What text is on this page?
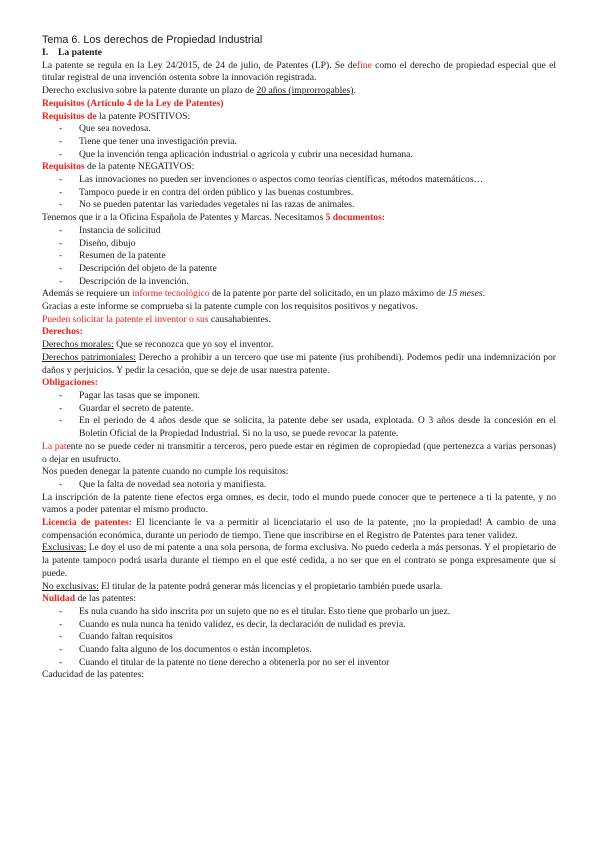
Tema 6. Los derechos de Propiedad Industrial

I. La patente

La patente se regula en la Ley 24/2015, de 24 de julio, de Patentes (LP). Se define como el derecho de propiedad especial que el titular registral de una invención ostenta sobre la innovación registrada.

Derecho exclusivo sobre la patente durante un plazo de 20 años (improrrogables).

Requisitos (Artículo 4 de la Ley de Patentes)

Requisitos de la patente POSITIVOS:

- Que sea novedosa.
- Tiene que tener una investigación previa.
- Que la invención tenga aplicación industrial o agrícola y cubrir una necesidad humana.

Requisitos de la patente NEGATIVOS:

- Las innovaciones no pueden ser invenciones o aspectos como teorías científicas, métodos matemáticos…
- Tampoco puede ir en contra del orden público y las buenas costumbres.
- No se pueden patentar las variedades vegetales ni las razas de animales.

Tenemos que ir a la Oficina Española de Patentes y Marcas. Necesitamos 5 documentos:

- Instancia de solicitud
- Diseño, dibujo
- Resumen de la patente
- Descripción del objeto de la patente
- Descripción de la invención.

Además se requiere un informe tecnológico de la patente por parte del solicitado, en un plazo máximo de 15 meses.

Gracias a este informe se comprueba si la patente cumple con los requisitos positivos y negativos.

Pueden solicitar la patente el inventor o sus causahabientes.

Derechos:

Derechos morales: Que se reconozca que yo soy el inventor.

Derechos patrimoniales: Derecho a prohibir a un tercero que use mi patente (ius prohibendi). Podemos pedir una indemnización por daños y perjuicios. Y pedir la cesación, que se deje de usar nuestra patente.

Obligaciones:

- Pagar las tasas que se imponen.
- Guardar el secreto de patente.
- En el periodo de 4 años desde que se solicita, la patente debe ser usada, explotada. O 3 años desde la concesión en el Boletín Oficial de la Propiedad Industrial. Si no la uso, se puede revocar la patente.

La patente no se puede ceder ni transmitir a terceros, pero puede estar en régimen de copropiedad (que pertenezca a varias personas) o dejar en usufructo.

Nos pueden denegar la patente cuando no cumple los requisitos:

- Que la falta de novedad sea notoria y manifiesta.

La inscripción de la patente tiene efectos erga omnes, es decir, todo el mundo puede conocer que te pertenece a ti la patente, y no vamos a poder patentar el mismo producto.

Licencia de patentes: El licenciante le va a permitir al licenciatario el uso de la patente, ¡no la propiedad! A cambio de una compensación económica, durante un periodo de tiempo. Tiene que inscribirse en el Registro de Patentes para tener validez.

Exclusivas: Le doy el uso de mi patente a una sola persona, de forma exclusiva. No puedo cederla a más personas. Y el propietario de la patente tampoco podrá usarla durante el tiempo en el que esté cedida, a no ser que en el contrato se ponga expresamente que sí puede.

No exclusivas: El titular de la patente podrá generar más licencias y el propietario también puede usarla.

Nulidad de las patentes:

- Es nula cuando ha sido inscrita por un sujeto que no es el titular. Esto tiene que probarlo un juez.
- Cuando es nula nunca ha tenido validez, es decir, la declaración de nulidad es previa.
- Cuando faltan requisitos
- Cuando falta alguno de los documentos o están incompletos.
- Cuando el titular de la patente no tiene derecho a obtenerla por no ser el inventor

Caducidad de las patentes:
